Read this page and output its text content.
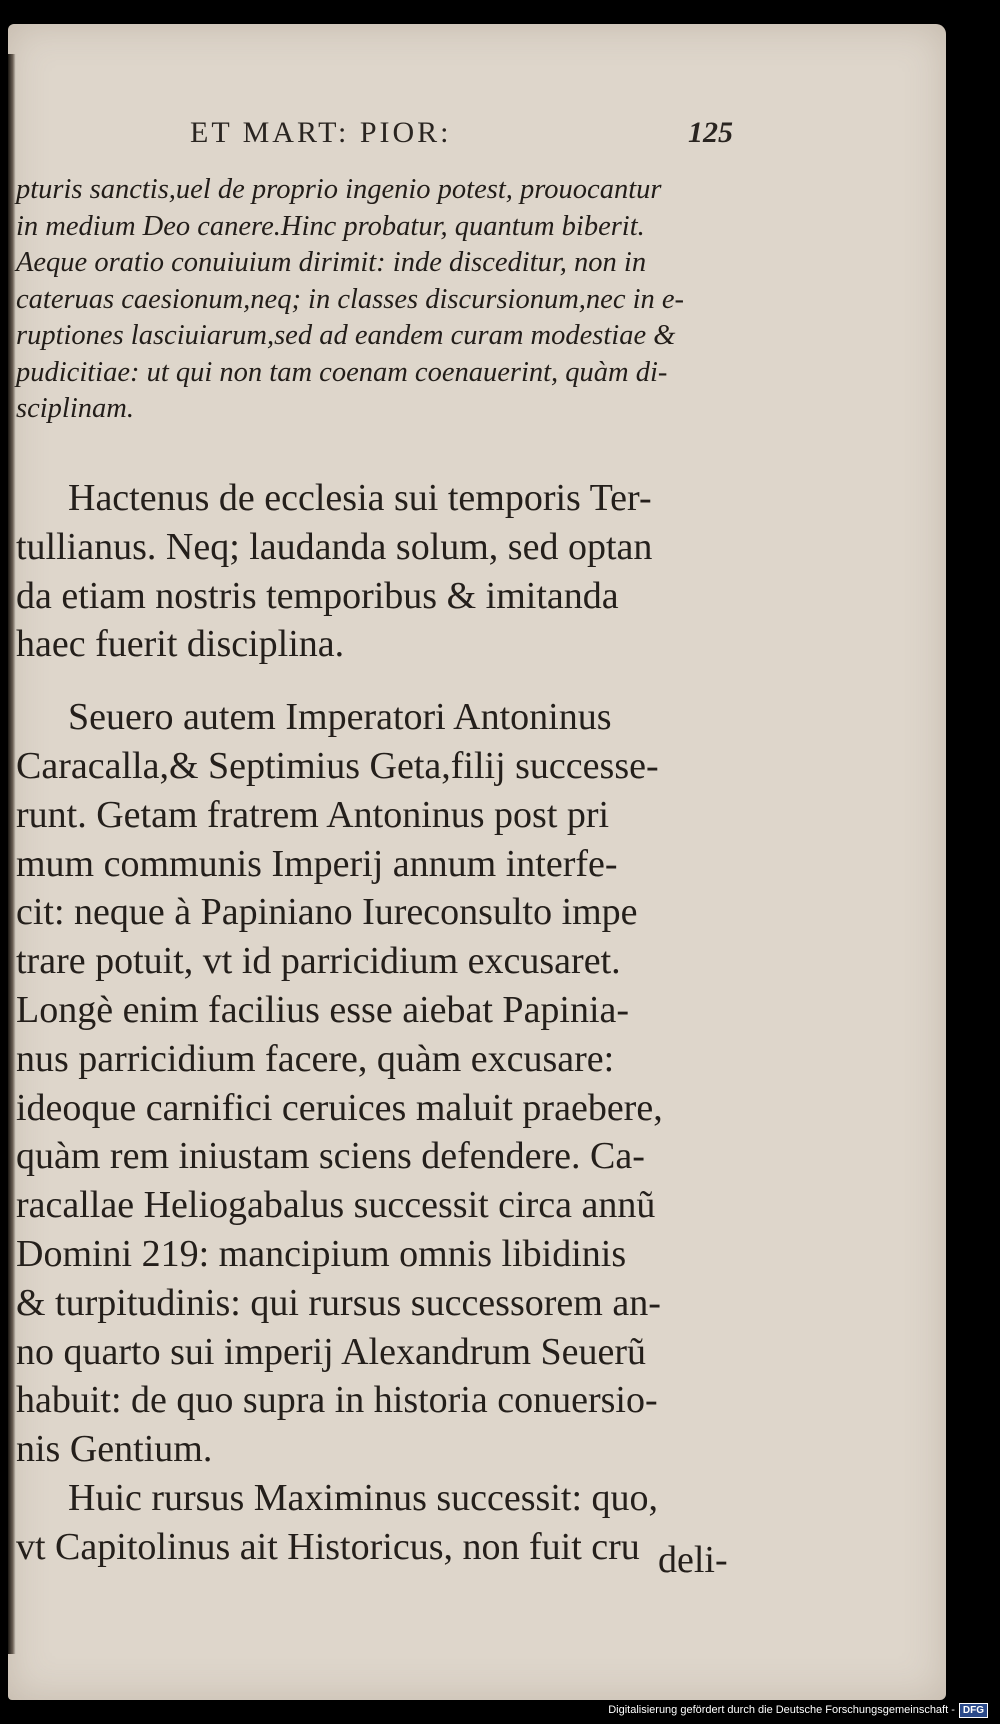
ET MART: PIOR:	125
pturis sanctis,uel de proprio ingenio potest, prouocantur
in medium Deo canere.Hinc probatur, quantum biberit.
Aeque oratio conuiuium dirimit: inde disceditur, non in
cateruas caesionum,neq; in classes discursionum,nec in e-
ruptiones lasciuiarum,sed ad eandem curam modestiae &
pudicitiae: ut qui non tam coenam coenauerint, quàm di-
sciplinam.
Hactenus de ecclesia sui temporis Ter-
tullianus. Neq; laudanda solum, sed optan
da etiam nostris temporibus & imitanda
haec fuerit disciplina.
Seuero autem Imperatori Antoninus
Caracalla,& Septimius Geta,filij successe-
runt. Getam fratrem Antoninus post pri
mum communis Imperij annum interfe-
cit: neque à Papiniano Iureconsulto impe
trare potuit, vt id parricidium excusaret.
Longè enim facilius esse aiebat Papinia-
nus parricidium facere, quàm excusare:
ideoque carnifici ceruices maluit praebere,
quàm rem iniustam sciens defendere. Ca-
racallae Heliogabalus successit circa annũ
Domini 219: mancipium omnis libidinis
& turpitudinis: qui rursus successorem an-
no quarto sui imperij Alexandrum Seuerũ
habuit: de quo supra in historia conuersio-
nis Gentium.
Huic rursus Maximinus successit: quo,
vt Capitolinus ait Historicus, non fuit cru deli-
Digitalisierung gefördert durch die Deutsche Forschungsgemeinschaft - DFG
